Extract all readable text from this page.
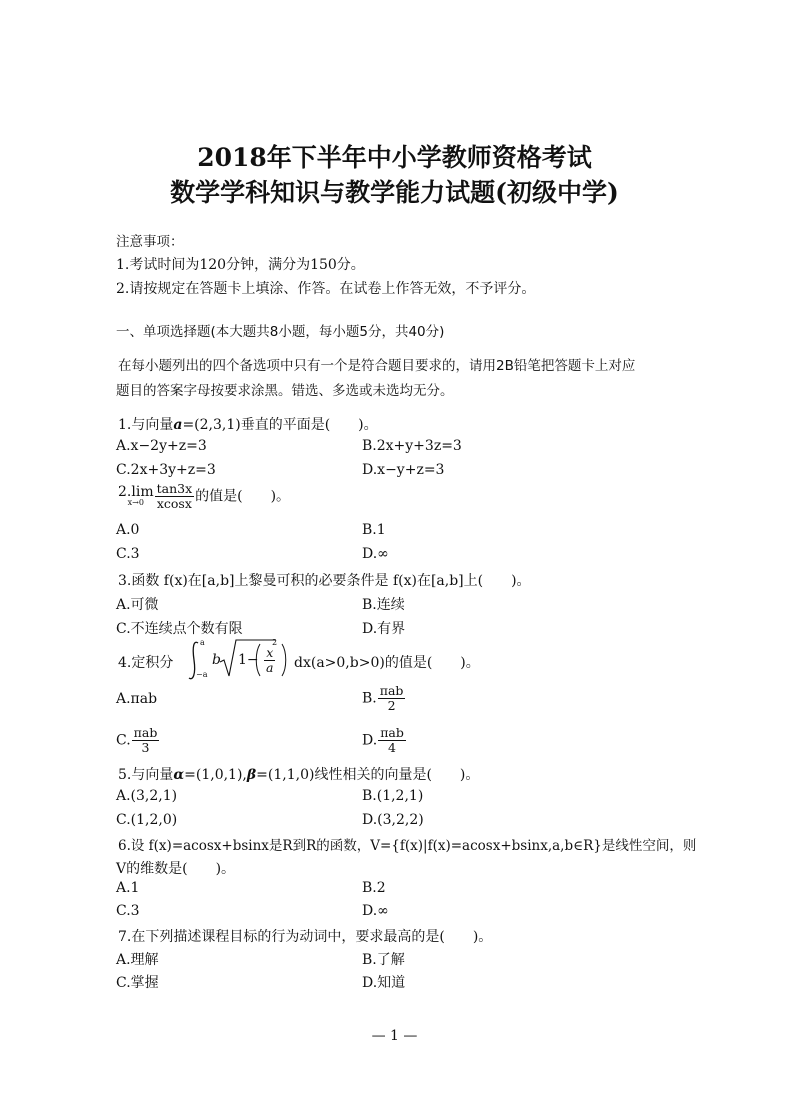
2018年下半年中小学教师资格考试
数学学科知识与教学能力试题(初级中学)
注意事项：
1.考试时间为120分钟，满分为150分。
2.请按规定在答题卡上填涂、作答。在试卷上作答无效，不予评分。
一、单项选择题(本大题共8小题，每小题5分，共40分)
在每小题列出的四个备选项中只有一个是符合题目要求的，请用2B铅笔把答题卡上对应
题目的答案字母按要求涂黑。错选、多选或未选均无分。
1.与向量a=(2,3,1)垂直的平面是(　　)。
A.x−2y+z=3	B.2x+y+3z=3
C.2x+3y+z=3	D.x−y+z=3
2.lim
$x\to 0 \frac{\tan 3x}{xcosx}$ 的值是(　　)。
A.0	B.1
C.3	D.∞
3.函数 f(x)在[a,b]上黎曼可积的必要条件是 f(x)在[a,b]上(　　)。
A.可微	B.连续
C.不连续点个数有限	D.有界
4.定积分
a
−a
b $1- \frac{x}{a}$
2
dx(a>0,b>0)的值是(　　)。
A.πab	B. $\frac{\text{πab}}{2}$
C. $\frac{\text{πab}}{3}$	D. $\frac{\text{πab}}{4}$
5.与向量α=(1,0,1),β=(1,1,0)线性相关的向量是(　　)。
A.(3,2,1)	B.(1,2,1)
C.(1,2,0)	D.(3,2,2)
6.设 f(x)=acosx+bsinx是R到R的函数，V={f(x)|f(x)=acosx+bsinx,a,b∈R}是线性空间，则
V的维数是(　　)。
A.1	B.2
C.3	D.∞
7.在下列描述课程目标的行为动词中，要求最高的是(　　)。
A.理解	B.了解
C.掌握	D.知道
— 1 —
